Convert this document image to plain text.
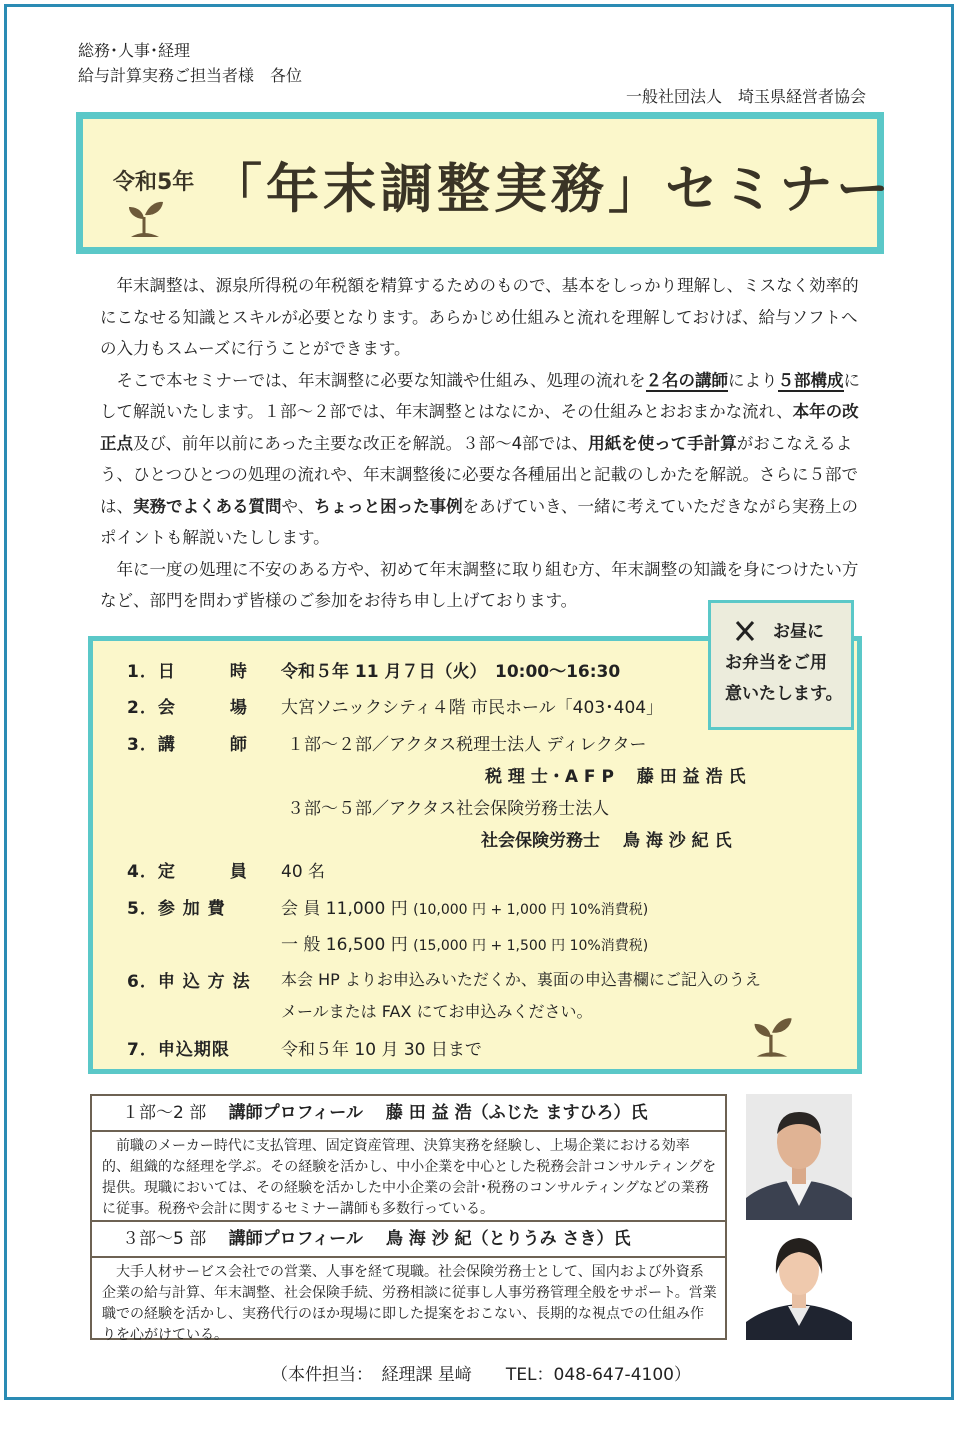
総務･人事･経理
給与計算実務ご担当者様　各位
一般社団法人　埼玉県経営者協会
令和5年 「年末調整実務」セミナー

年末調整は、源泉所得税の年税額を精算するためのもので、基本をしっかり理解し、ミスなく効率的にこなせる知識とスキルが必要となります。あらかじめ仕組みと流れを理解しておけば、給与ソフトへの入力もスムーズに行うことができます。

そこで本セミナーでは、年末調整に必要な知識や仕組み、処理の流れを２名の講師により５部構成にして解説いたします。１部～２部では、年末調整とはなにか、その仕組みとおおまかな流れ、本年の改正点及び、前年以前にあった主要な改正を解説。３部～4部では、用紙を使って手計算がおこなえるよう、ひとつひとつの処理の流れや、年末調整後に必要な各種届出と記載のしかたを解説。さらに５部では、実務でよくある質問や、ちょっと困った事例をあげていき、一緒に考えていただきながら実務上のポイントも解説いたしします。

年に一度の処理に不安のある方や、初めて年末調整に取り組む方、年末調整の知識を身につけたい方など、部門を問わず皆様のご参加をお待ち申し上げております。

1．日　　　時 令和５年 11 月７日（火）　10:00～16:30
2．会　　　場 大宮ソニックシティ４階 市民ホール「403･404」
3．講　　　師 １部～２部／アクタス税理士法人 ディレクター
税 理 士・A F P　 藤 田 益 浩 氏
３部～５部／アクタス社会保険労務士法人
社会保険労務士　 鳥 海 沙 紀 氏
4．定　　　員 40 名
5．参 加 費	会 員 11,000 円 (10,000 円 + 1,000 円 10%消費税)
一 般 16,500 円 (15,000 円 + 1,500 円 10%消費税)
6．申 込 方 法 本会 HP よりお申込みいただくか、裏面の申込書欄にご記入のうえ
メールまたは FAX にてお申込みください。
7．申込期限	令和５年 10 月 30 日まで
お昼に
お弁当をご用
意いたします。
１部～2 部　 講師プロフィール　 藤 田 益 浩（ふじた ますひろ）氏
前職のメーカー時代に支払管理、固定資産管理、決算実務を経験し、上場企業における効率的、組織的な経理を学ぶ。その経験を活かし、中小企業を中心とした税務会計コンサルティングを提供。現職においては、その経験を活かした中小企業の会計･税務のコンサルティングなどの業務に従事。税務や会計に関するセミナー講師も多数行っている。
３部～5 部　 講師プロフィール　 鳥 海 沙 紀（とりうみ さき）氏
大手人材サービス会社での営業、人事を経て現職。社会保険労務士として、国内および外資系企業の給与計算、年末調整、社会保険手続、労務相談に従事し人事労務管理全般をサポート。営業職での経験を活かし、実務代行のほか現場に即した提案をおこない、長期的な視点での仕組み作りを心がけている。
（本件担当：　経理課 星﨑　　TEL：048-647-4100）
